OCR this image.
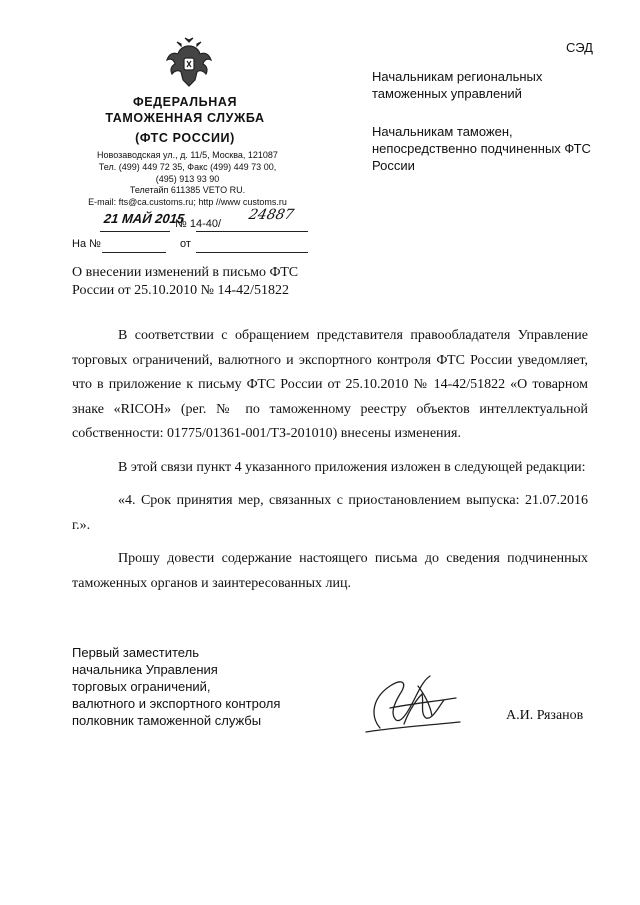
СЭД
ФЕДЕРАЛЬНАЯ
ТАМОЖЕННАЯ СЛУЖБА
(ФТС РОССИИ)
Новозаводская ул., д. 11/5, Москва, 121087
Тел. (499) 449 72 35, Факс (499) 449 73 00,
(495) 913 93 90
Телетайп 611385 VETO RU.
E-mail: fts@ca.customs.ru; http //www customs.ru
21 МАЙ 2015
№ 14-40/
24887
На №	от
Начальникам региональных таможенных управлений
Начальникам таможен, непосредственно подчиненных ФТС России
О внесении изменений в письмо ФТС России от 25.10.2010 № 14-42/51822

В соответствии с обращением представителя правообладателя Управление торговых ограничений, валютного и экспортного контроля ФТС России уведомляет, что в приложение к письму ФТС России от 25.10.2010 № 14-42/51822 «О товарном знаке «RICOH» (рег. № по таможенному реестру объектов интеллектуальной собственности: 01775/01361-001/ТЗ-201010) внесены изменения.

В этой связи пункт 4 указанного приложения изложен в следующей редакции:

«4. Срок принятия мер, связанных с приостановлением выпуска: 21.07.2016 г.».

Прошу довести содержание настоящего письма до сведения подчиненных таможенных органов и заинтересованных лиц.

Первый заместитель
начальника Управления
торговых ограничений,
валютного и экспортного контроля
полковник таможенной службы	А.И. Рязанов
